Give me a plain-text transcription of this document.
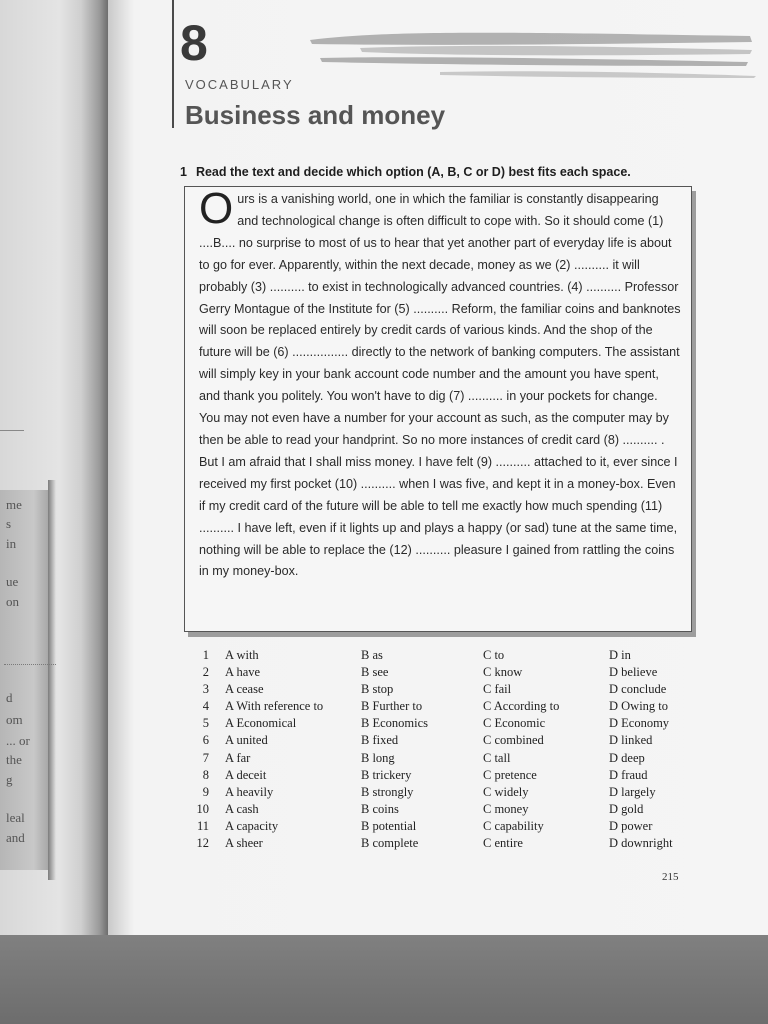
me
s
in
ue
on
d
om
... or
the
g
leal
and
8

VOCABULARY

Business and money

1 Read the text and decide which option (A, B, C or D) best fits each space.

Ours is a vanishing world, one in which the familiar is constantly disappearing and technological change is often difficult to cope with. So it should come (1) ....B.... no surprise to most of us to hear that yet another part of everyday life is about to go for ever. Apparently, within the next decade, money as we (2) .......... it will probably (3) .......... to exist in technologically advanced countries. (4) .......... Professor Gerry Montague of the Institute for (5) .......... Reform, the familiar coins and banknotes will soon be replaced entirely by credit cards of various kinds. And the shop of the future will be (6) ................ directly to the network of banking computers. The assistant will simply key in your bank account code number and the amount you have spent, and thank you politely. You won't have to dig (7) .......... in your pockets for change. You may not even have a number for your account as such, as the computer may by then be able to read your handprint. So no more instances of credit card (8) .......... . But I am afraid that I shall miss money. I have felt (9) .......... attached to it, ever since I received my first pocket (10) .......... when I was five, and kept it in a money-box. Even if my credit card of the future will be able to tell me exactly how much spending (11) .......... I have left, even if it lights up and plays a happy (or sad) tune at the same time, nothing will be able to replace the (12) .......... pleasure I gained from rattling the coins in my money-box.

1 A with	B as	C to	D in
2 A have	B see	C know	D believe
3 A cease	B stop	C fail	D conclude
4 A With reference to	B Further to	C According to	D Owing to
5 A Economical	B Economics	C Economic	D Economy
6 A united	B fixed	C combined	D linked
7 A far	B long	C tall	D deep
8 A deceit	B trickery	C pretence	D fraud
9 A heavily	B strongly	C widely	D largely
10 A cash	B coins	C money	D gold
11 A capacity	B potential	C capability	D power
12 A sheer	B complete	C entire	D downright

215
